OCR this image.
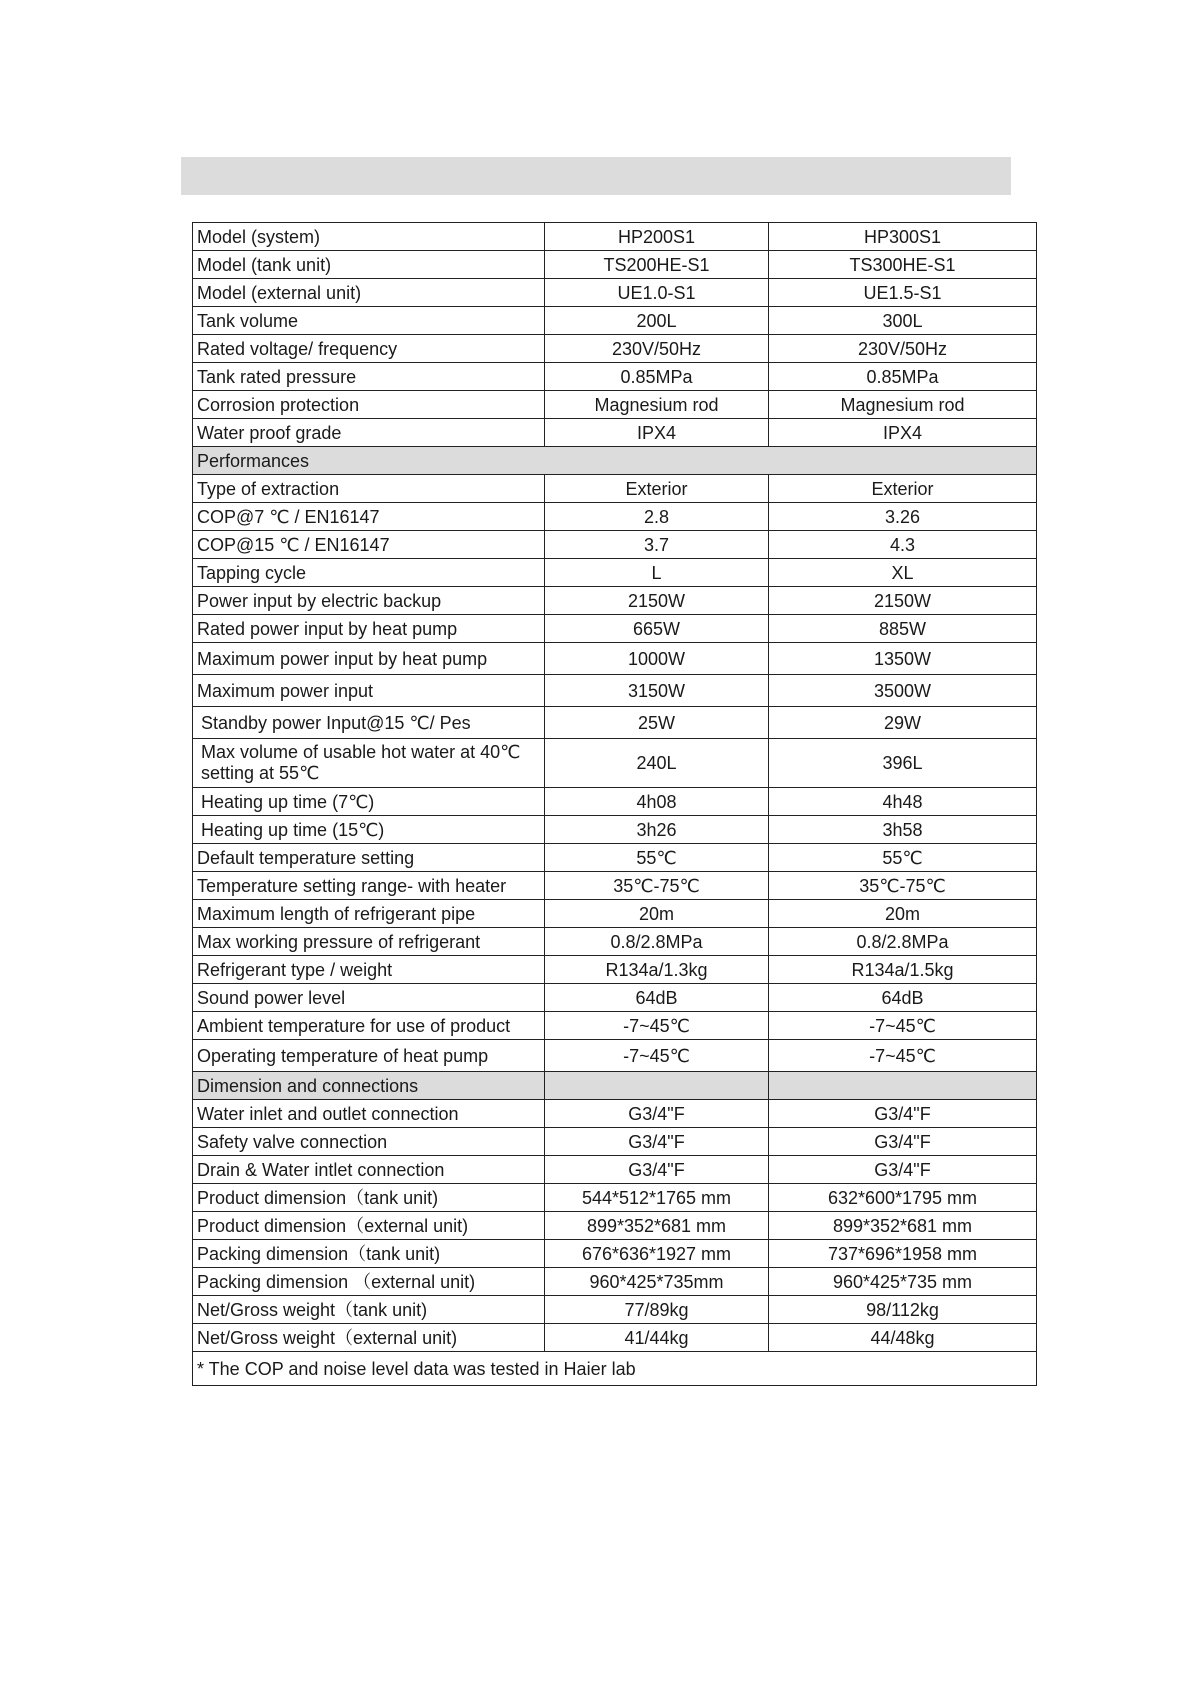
Model (system)	HP200S1	HP300S1
Model (tank unit)	TS200HE-S1	TS300HE-S1
Model (external unit)	UE1.0-S1	UE1.5-S1
Tank volume	200L	300L
Rated voltage/ frequency	230V/50Hz	230V/50Hz
Tank rated pressure	0.85MPa	0.85MPa
Corrosion protection	Magnesium rod	Magnesium rod
Water proof grade	IPX4	IPX4
Performances		
Type of extraction	Exterior	Exterior
COP@7 ℃ / EN16147	2.8	3.26
COP@15 ℃ / EN16147	3.7	4.3
Tapping cycle	L	XL
Power input by electric backup	2150W	2150W
Rated power input by heat pump	665W	885W
Maximum power input by heat pump	1000W	1350W
Maximum power input	3150W	3500W
Standby power Input@15 ℃/ Pes	25W	29W
Max volume of usable hot water at 40℃ setting at 55℃	240L	396L
Heating up time (7℃)	4h08	4h48
Heating up time (15℃)	3h26	3h58
Default temperature setting	55℃	55℃
Temperature setting range- with heater	35℃-75℃	35℃-75℃
Maximum length of refrigerant pipe	20m	20m
Max working pressure of refrigerant	0.8/2.8MPa	0.8/2.8MPa
Refrigerant type / weight	R134a/1.3kg	R134a/1.5kg
Sound power level	64dB	64dB
Ambient temperature for use of product	-7~45℃	-7~45℃
Operating temperature of heat pump	-7~45℃	-7~45℃
Dimension and connections		
Water inlet and outlet connection	G3/4"F	G3/4"F
Safety valve connection	G3/4"F	G3/4"F
Drain & Water intlet connection	G3/4"F	G3/4"F
Product dimension（tank unit)	544*512*1765 mm	632*600*1795 mm
Product dimension（external unit)	899*352*681 mm	899*352*681 mm
Packing dimension（tank unit)	676*636*1927 mm	737*696*1958 mm
Packing dimension （external unit)	960*425*735mm	960*425*735 mm
Net/Gross weight（tank unit)	77/89kg	98/112kg
Net/Gross weight（external unit)	41/44kg	44/48kg
* The COP and noise level data was tested in Haier lab		
